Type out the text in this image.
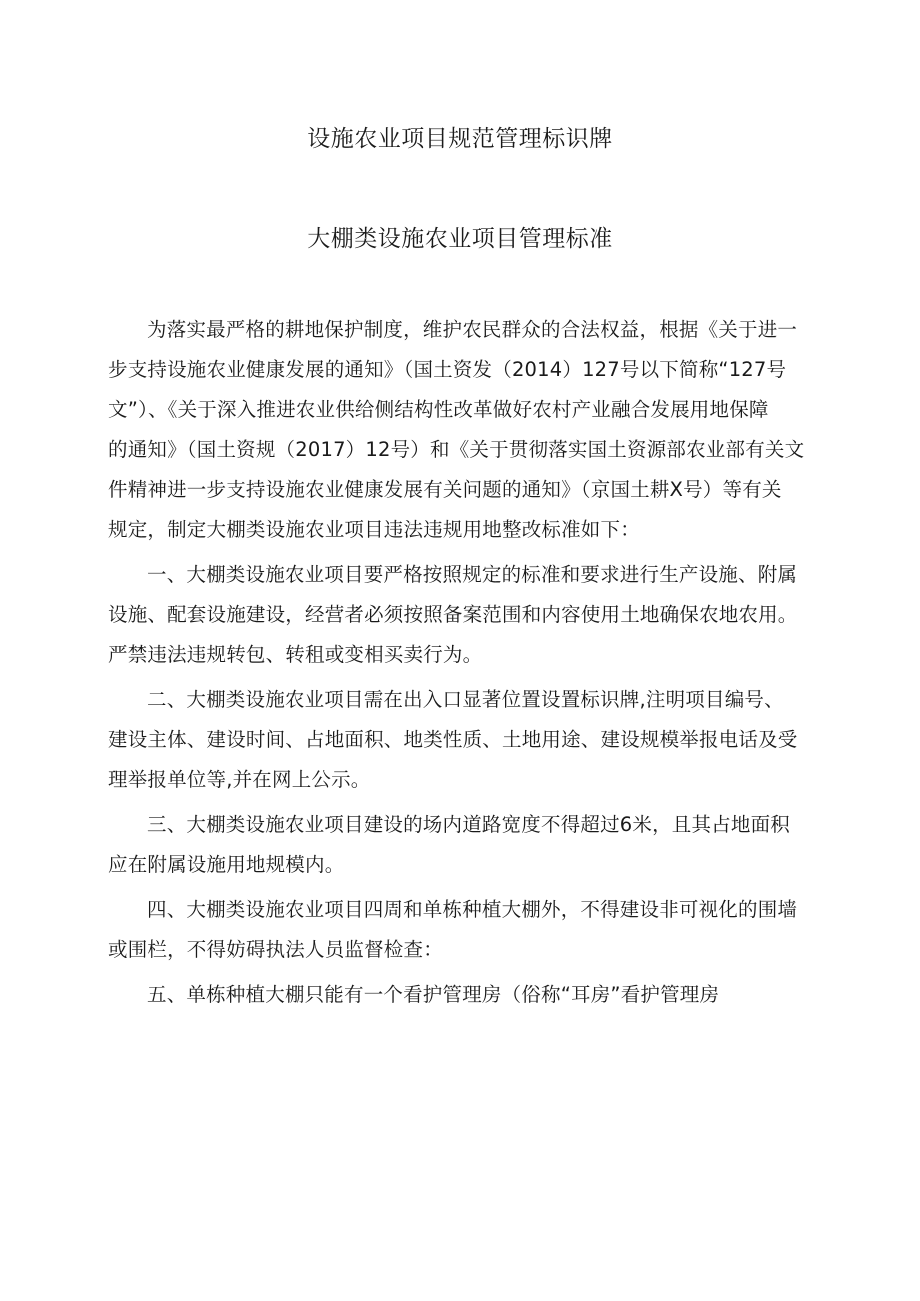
设施农业项目规范管理标识牌
大棚类设施农业项目管理标准

为落实最严格的耕地保护制度，维护农民群众的合法权益，根据《关于进一
步支持设施农业健康发展的通知》（国土资发（2014）127号以下简称“127号
文”）、《关于深入推进农业供给侧结构性改革做好农村产业融合发展用地保障
的通知》（国土资规（2017）12号）和《关于贯彻落实国土资源部农业部有关文
件精神进一步支持设施农业健康发展有关问题的通知》（京国土耕X号）等有关
规定，制定大棚类设施农业项目违法违规用地整改标准如下：

一、大棚类设施农业项目要严格按照规定的标准和要求进行生产设施、附属
设施、配套设施建设，经营者必须按照备案范围和内容使用土地确保农地农用。
严禁违法违规转包、转租或变相买卖行为。

二、大棚类设施农业项目需在出入口显著位置设置标识牌,注明项目编号、
建设主体、建设时间、占地面积、地类性质、土地用途、建设规模举报电话及受
理举报单位等,并在网上公示。

三、大棚类设施农业项目建设的场内道路宽度不得超过6米，且其占地面积
应在附属设施用地规模内。

四、大棚类设施农业项目四周和单栋种植大棚外，不得建设非可视化的围墙
或围栏，不得妨碍执法人员监督检查：

五、单栋种植大棚只能有一个看护管理房（俗称“耳房”看护管理房
